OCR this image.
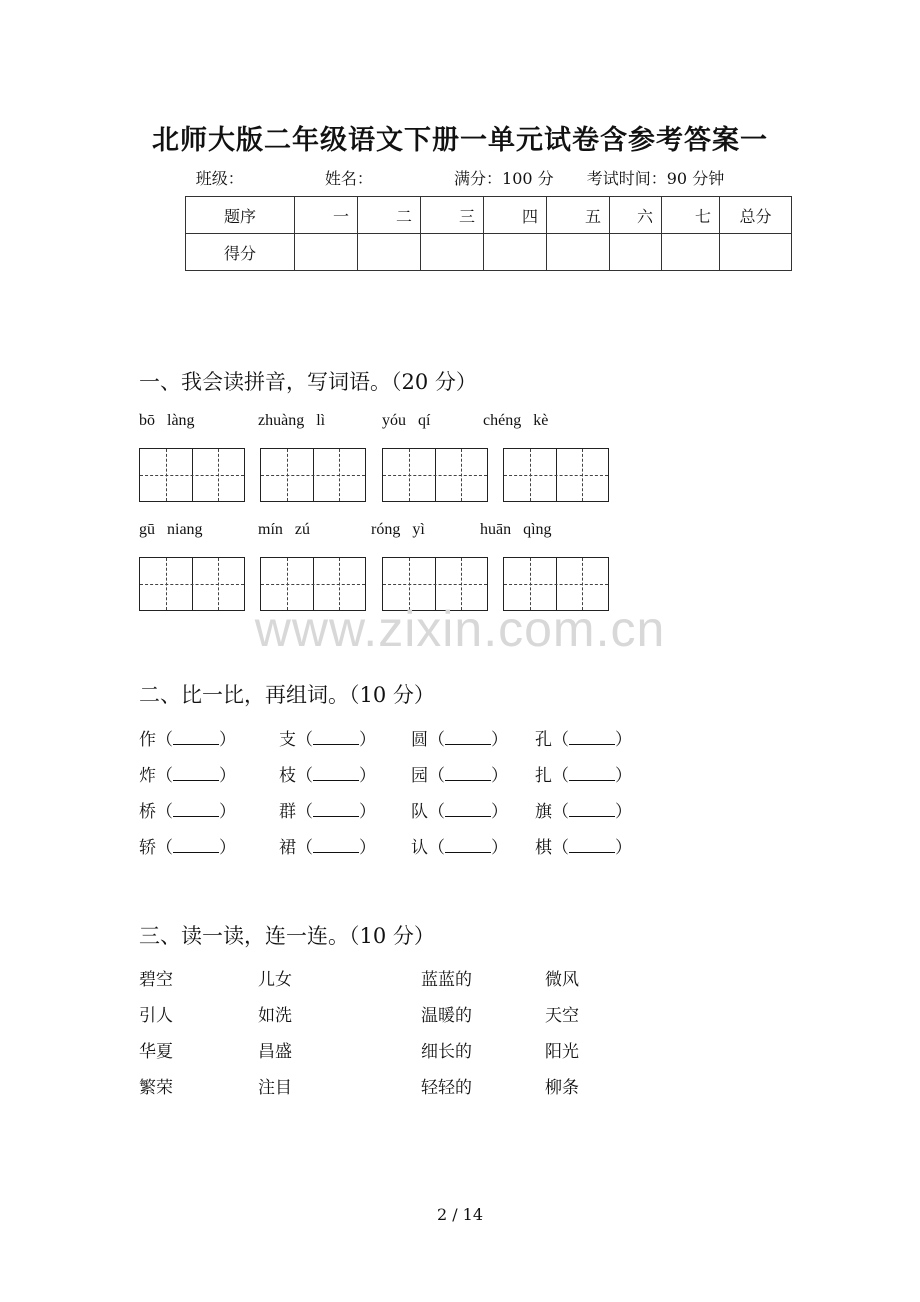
北师大版二年级语文下册一单元试卷含参考答案一
班级：	姓名：	满分：100 分 考试时间：90 分钟
题序	一	二	三	四	五	六	七	总分
得分								
一、我会读拼音，写词语。（20 分）
bō   làng	zhuàng   lì	yóu   qí	chéng   kè
gū   niang	mín   zú	róng   yì	huān   qìng
www.zixin.com.cn
二、比一比，再组词。（10 分）
作（	）	支（	） 圆（	） 孔（	）
炸（	）	枝（	） 园（	） 扎（	）
桥（	）	群（	） 队（	） 旗（	）
轿（	）	裙（	） 认（	） 棋（	）
三、读一读，连一连。（10 分）
碧空	儿女	蓝蓝的	微风
引人	如洗	温暖的	天空
华夏	昌盛	细长的	阳光
繁荣	注目	轻轻的	柳条
2 / 14
